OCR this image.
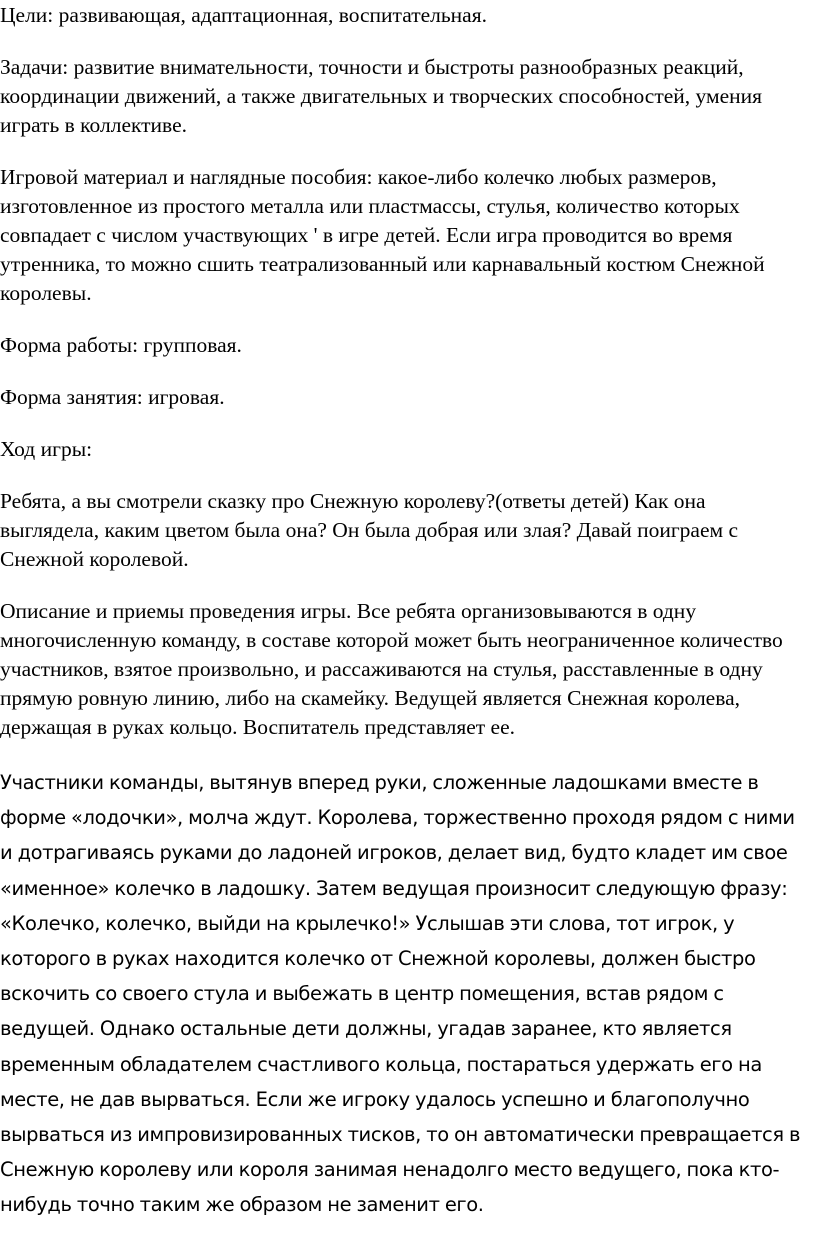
Цели: развивающая, адаптационная, воспитательная.

Задачи: развитие внимательности, точности и быстроты разнообразных реакций, координации движений, а также двигательных и творческих способностей, умения играть в коллективе.

Игровой материал и наглядные пособия: какое-либо колечко любых размеров, изготовленное из простого металла или пластмассы, стулья, количество которых совпадает с числом участвующих ' в игре детей. Если игра проводится во время утренника, то можно сшить театрализованный или карнавальный костюм Снежной королевы.

Форма работы: групповая.

Форма занятия: игровая.

Ход игры:

Ребята, а вы смотрели сказку про Снежную королеву?(ответы детей) Как она выглядела, каким цветом была она? Он была добрая или злая? Давай поиграем с Снежной королевой.

Описание и приемы проведения игры. Все ребята организовываются в одну многочисленную команду, в составе которой может быть неограниченное количество участников, взятое произвольно, и рассаживаются на стулья, расставленные в одну прямую ровную линию, либо на скамейку. Ведущей является Снежная королева, держащая в руках кольцо. Воспитатель представляет ее.

Участники команды, вытянув вперед руки, сложенные ладошками вместе в форме «лодочки», молча ждут. Королева, торжественно проходя рядом с ними и дотрагиваясь руками до ладоней игроков, делает вид, будто кладет им свое «именное» колечко в ладошку. Затем ведущая произносит следующую фразу: «Колечко, колечко, выйди на крылечко!» Услышав эти слова, тот игрок, у которого в руках находится колечко от Снежной королевы, должен быстро вскочить со своего стула и выбежать в центр помещения, встав рядом с ведущей. Однако остальные дети должны, угадав заранее, кто является временным обладателем счастливого кольца, постараться удержать его на месте, не дав вырваться. Если же игроку удалось успешно и благополучно вырваться из импровизированных тисков, то он автоматически превращается в Снежную королеву или короля занимая ненадолго место ведущего, пока кто-нибудь точно таким же образом не заменит его.
